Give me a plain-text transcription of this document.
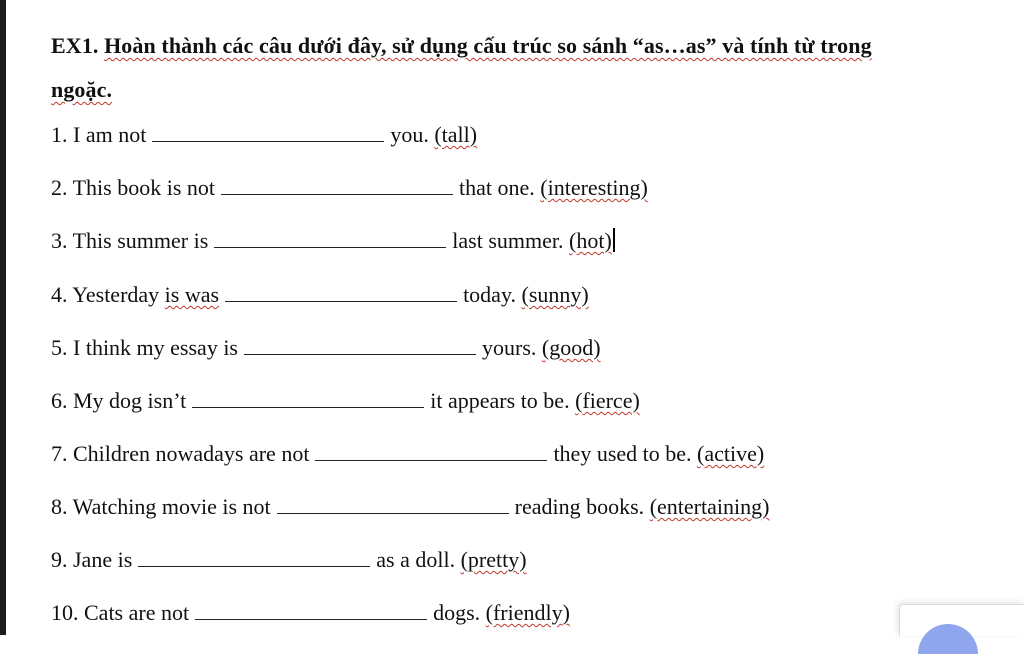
EX1. Hoàn thành các câu dưới đây, sử dụng cấu trúc so sánh “as…as” và tính từ trong
ngoặc.
1. I am not	you. (tall)
2. This book is not	that one. (interesting)
3. This summer is	last summer. (hot)
4. Yesterday is was	today. (sunny)
5. I think my essay is	yours. (good)
6. My dog isn’t	it appears to be. (fierce)
7. Children nowadays are not	they used to be. (active)
8. Watching movie is not	reading books. (entertaining)
9. Jane is	as a doll. (pretty)
10. Cats are not	dogs. (friendly)
